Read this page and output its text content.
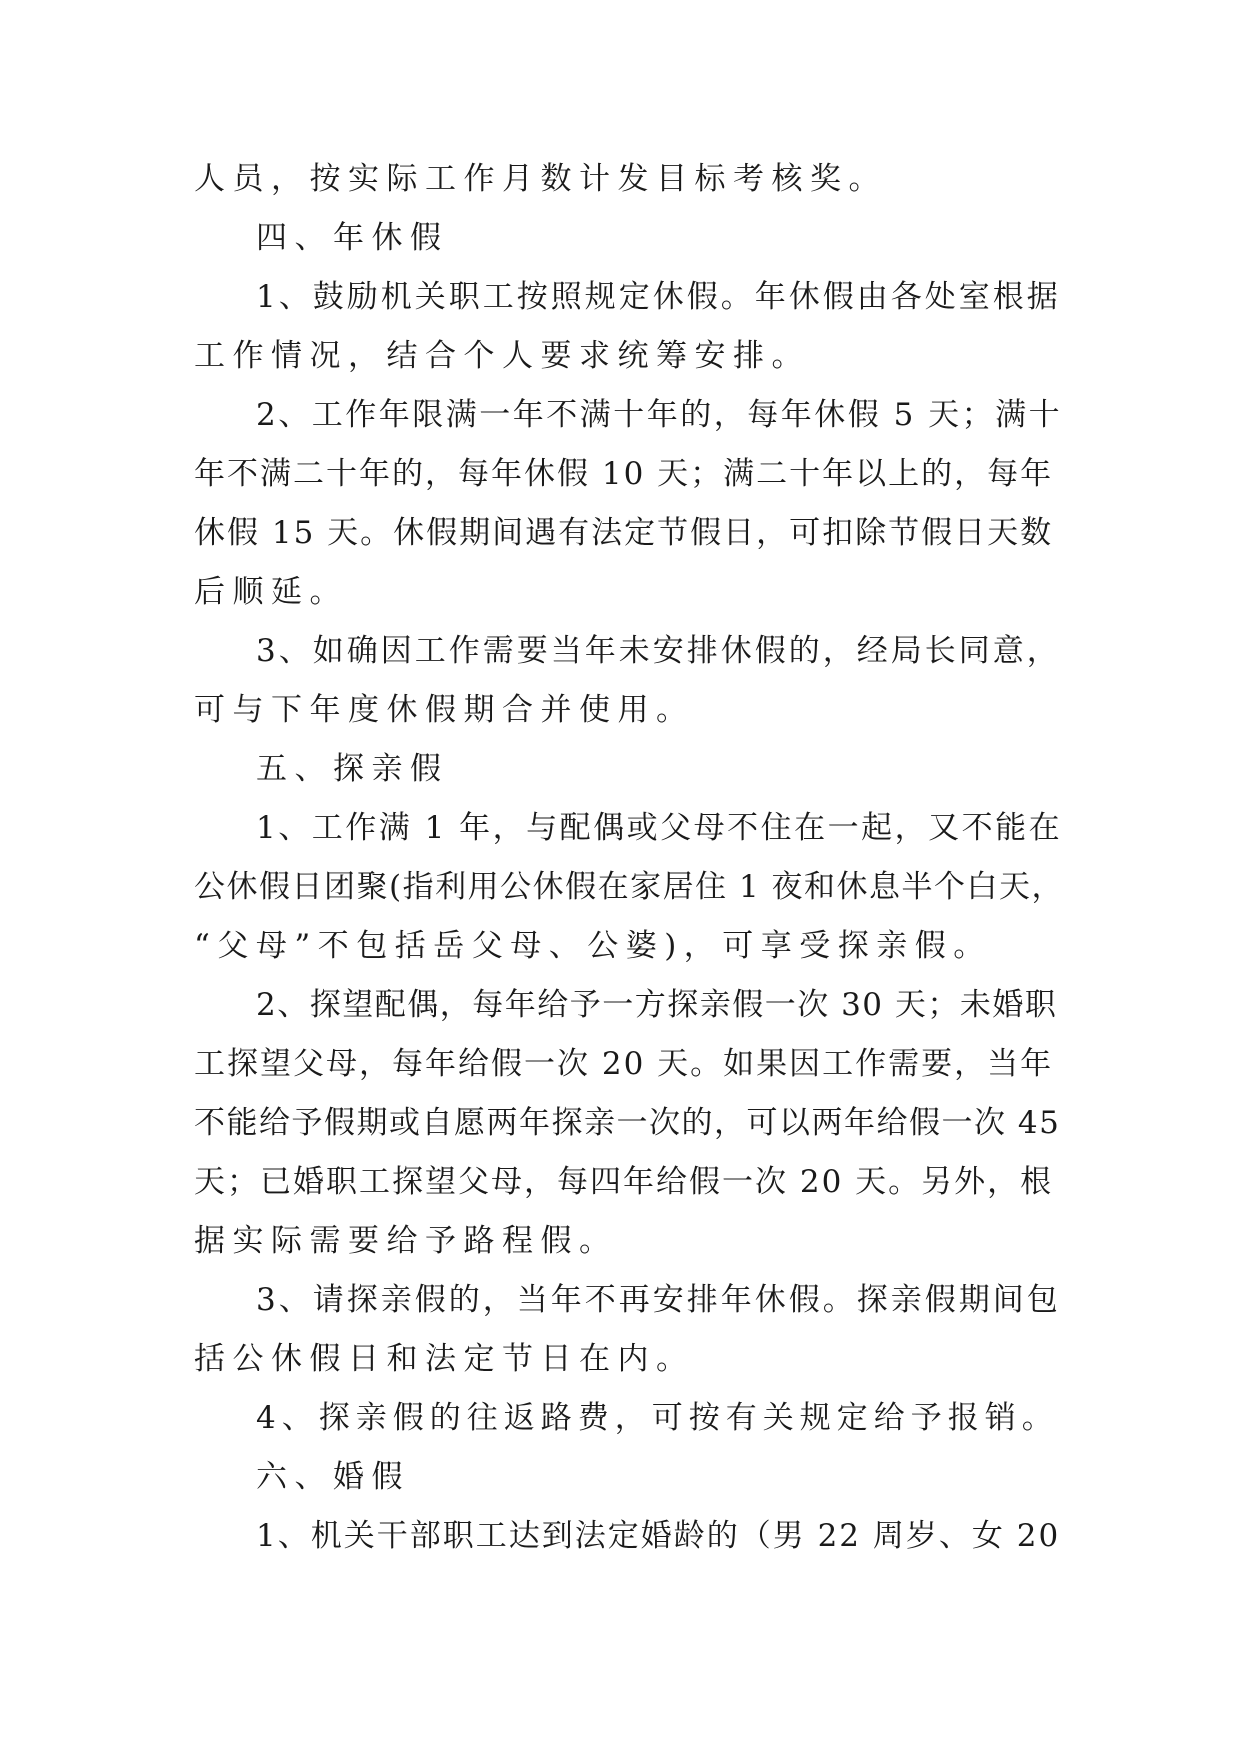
人员，按实际工作月数计发目标考核奖。
四、年休假
1、鼓励机关职工按照规定休假。年休假由各处室根据
工作情况，结合个人要求统筹安排。
2、工作年限满一年不满十年的，每年休假 5 天；满十
年不满二十年的，每年休假 10 天；满二十年以上的，每年
休假 15 天。休假期间遇有法定节假日，可扣除节假日天数
后顺延。
3、如确因工作需要当年未安排休假的，经局长同意，
可与下年度休假期合并使用。
五、探亲假
1、工作满 1 年，与配偶或父母不住在一起，又不能在
公休假日团聚(指利用公休假在家居住 1 夜和休息半个白天，
“父母”不包括岳父母、公婆)，可享受探亲假。
2、探望配偶，每年给予一方探亲假一次 30 天；未婚职
工探望父母，每年给假一次 20 天。如果因工作需要，当年
不能给予假期或自愿两年探亲一次的，可以两年给假一次 45
天；已婚职工探望父母，每四年给假一次 20 天。另外，根
据实际需要给予路程假。
3、请探亲假的，当年不再安排年休假。探亲假期间包
括公休假日和法定节日在内。
4、探亲假的往返路费，可按有关规定给予报销。
六、婚假
1、机关干部职工达到法定婚龄的（男 22 周岁、女 20
